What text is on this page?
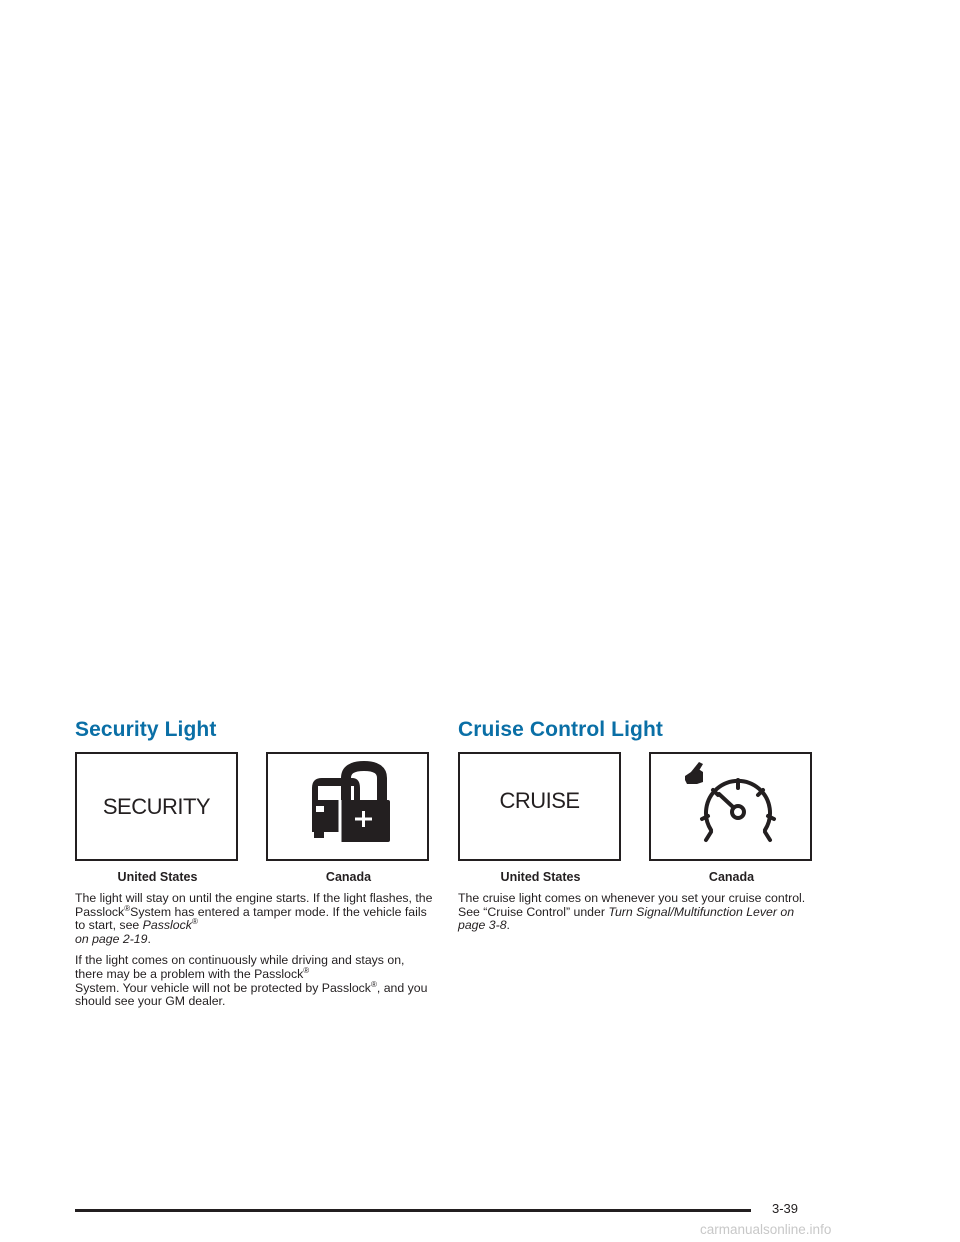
Security Light
SECURITY
United States	Canada

The light will stay on until the engine starts. If the light flashes, the Passlock®System has entered a tamper mode. If the vehicle fails to start, see Passlock®
on page 2-19.

If the light comes on continuously while driving and stays on, there may be a problem with the Passlock®
System. Your vehicle will not be protected by Passlock®, and you should see your GM dealer.

Cruise Control Light
CRUISE
United States	Canada

The cruise light comes on whenever you set your cruise control. See “Cruise Control” under Turn Signal/Multifunction Lever on page 3-8.

3-39
carmanualsonline.info
